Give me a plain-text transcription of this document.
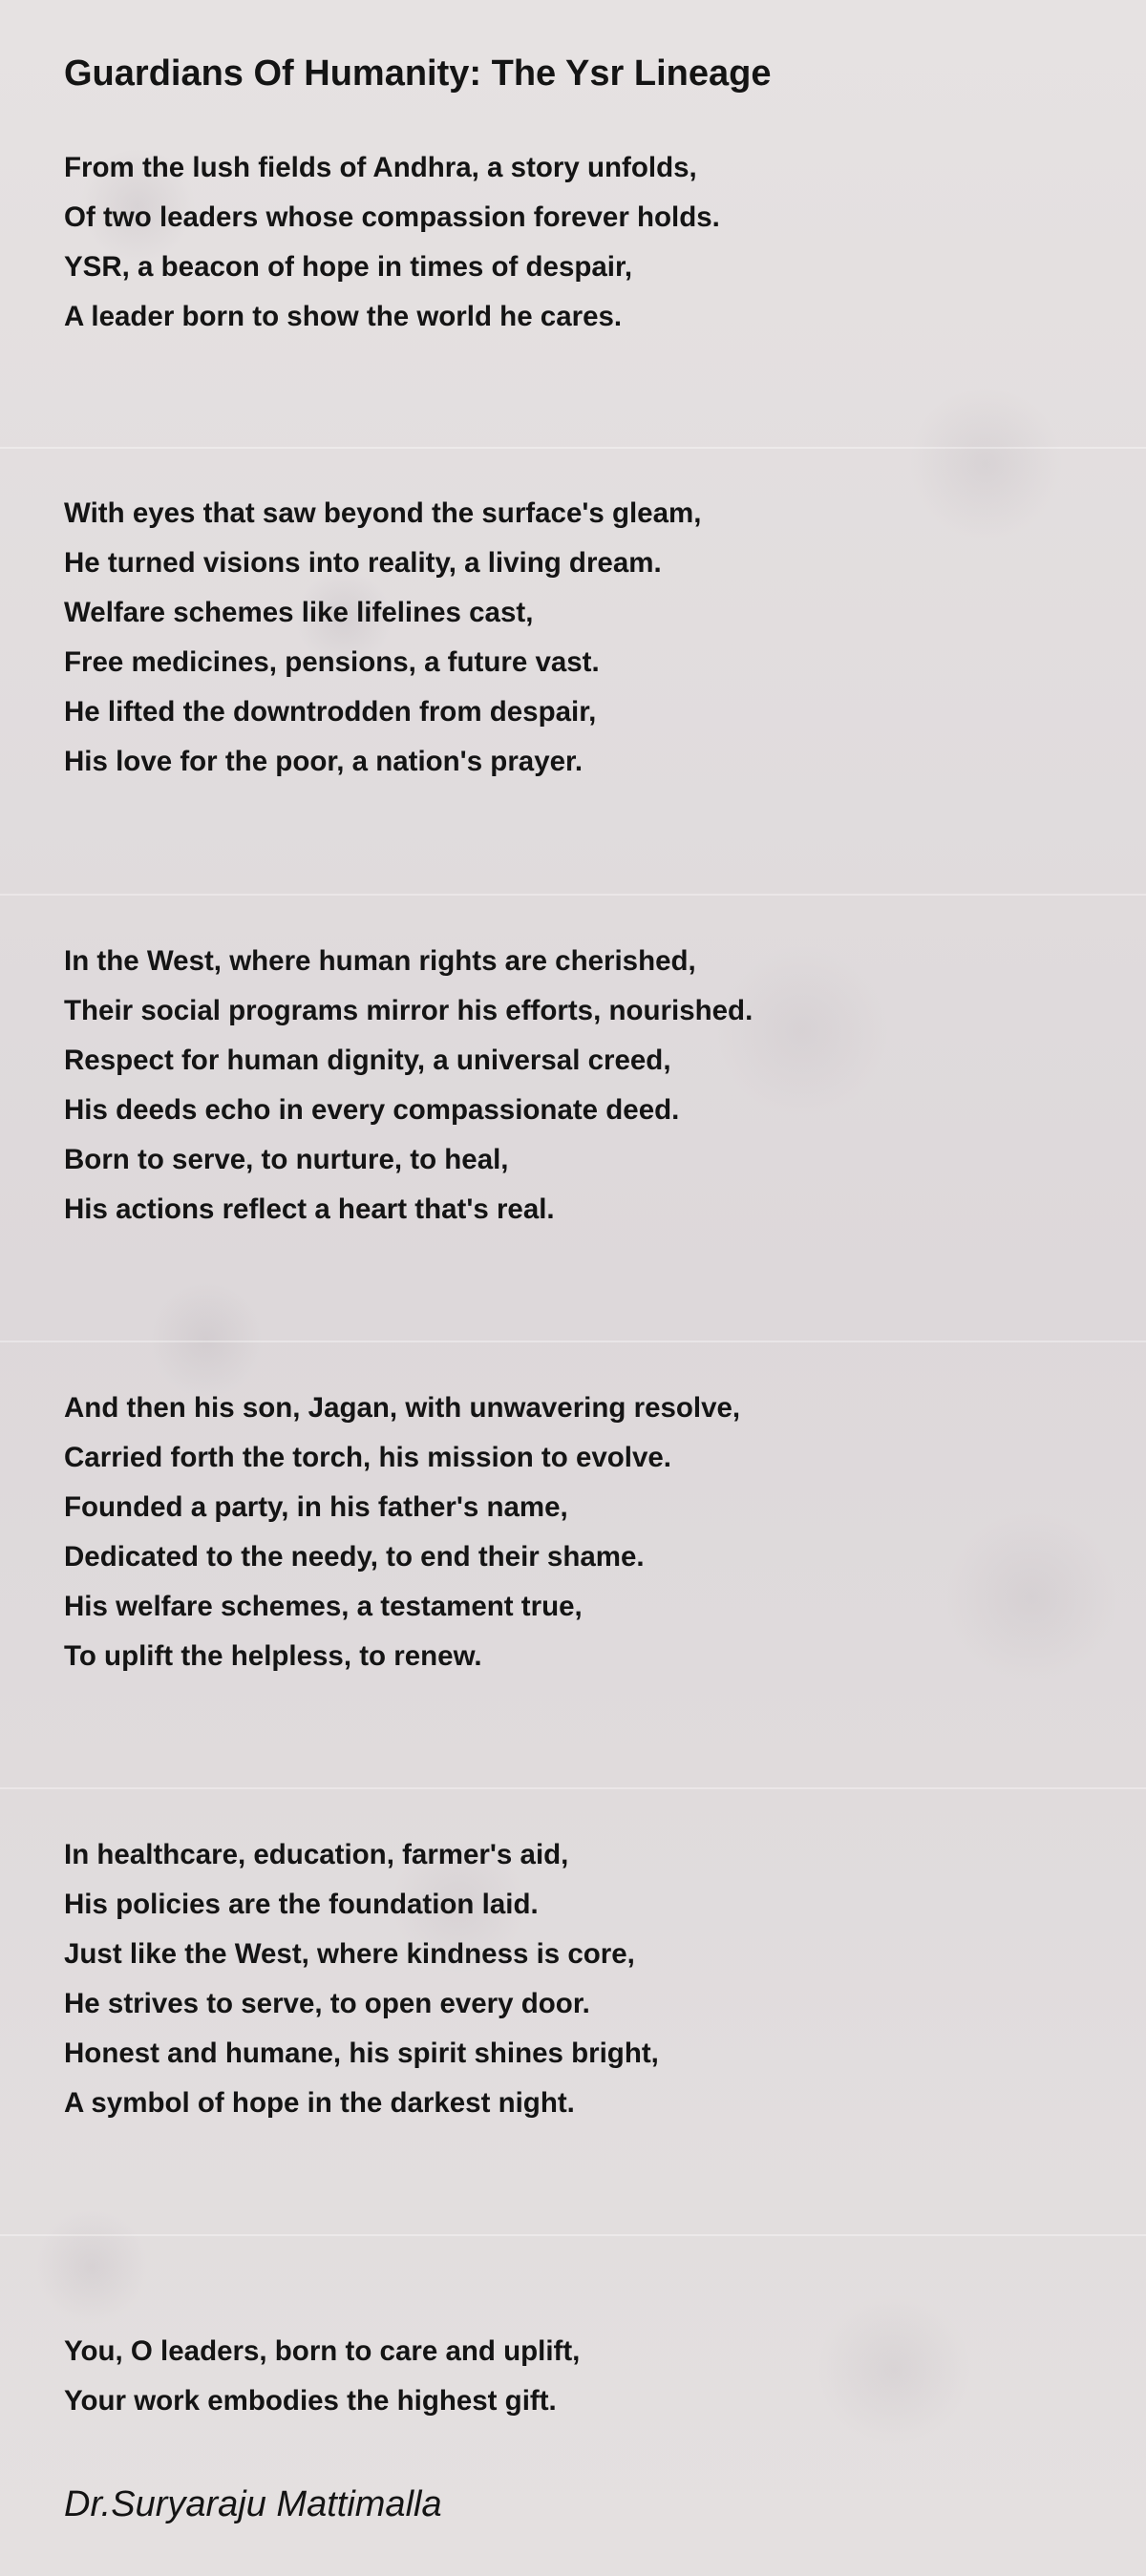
Guardians Of Humanity: The Ysr Lineage

From the lush fields of Andhra, a story unfolds,

Of two leaders whose compassion forever holds.

YSR, a beacon of hope in times of despair,

A leader born to show the world he cares.

With eyes that saw beyond the surface's gleam,

He turned visions into reality, a living dream.

Welfare schemes like lifelines cast,

Free medicines, pensions, a future vast.

He lifted the downtrodden from despair,

His love for the poor, a nation's prayer.

In the West, where human rights are cherished,

Their social programs mirror his efforts, nourished.

Respect for human dignity, a universal creed,

His deeds echo in every compassionate deed.

Born to serve, to nurture, to heal,

His actions reflect a heart that's real.

And then his son, Jagan, with unwavering resolve,

Carried forth the torch, his mission to evolve.

Founded a party, in his father's name,

Dedicated to the needy, to end their shame.

His welfare schemes, a testament true,

To uplift the helpless, to renew.

In healthcare, education, farmer's aid,

His policies are the foundation laid.

Just like the West, where kindness is core,

He strives to serve, to open every door.

Honest and humane, his spirit shines bright,

A symbol of hope in the darkest night.

You, O leaders, born to care and uplift,

Your work embodies the highest gift.

Dr.Suryaraju Mattimalla
